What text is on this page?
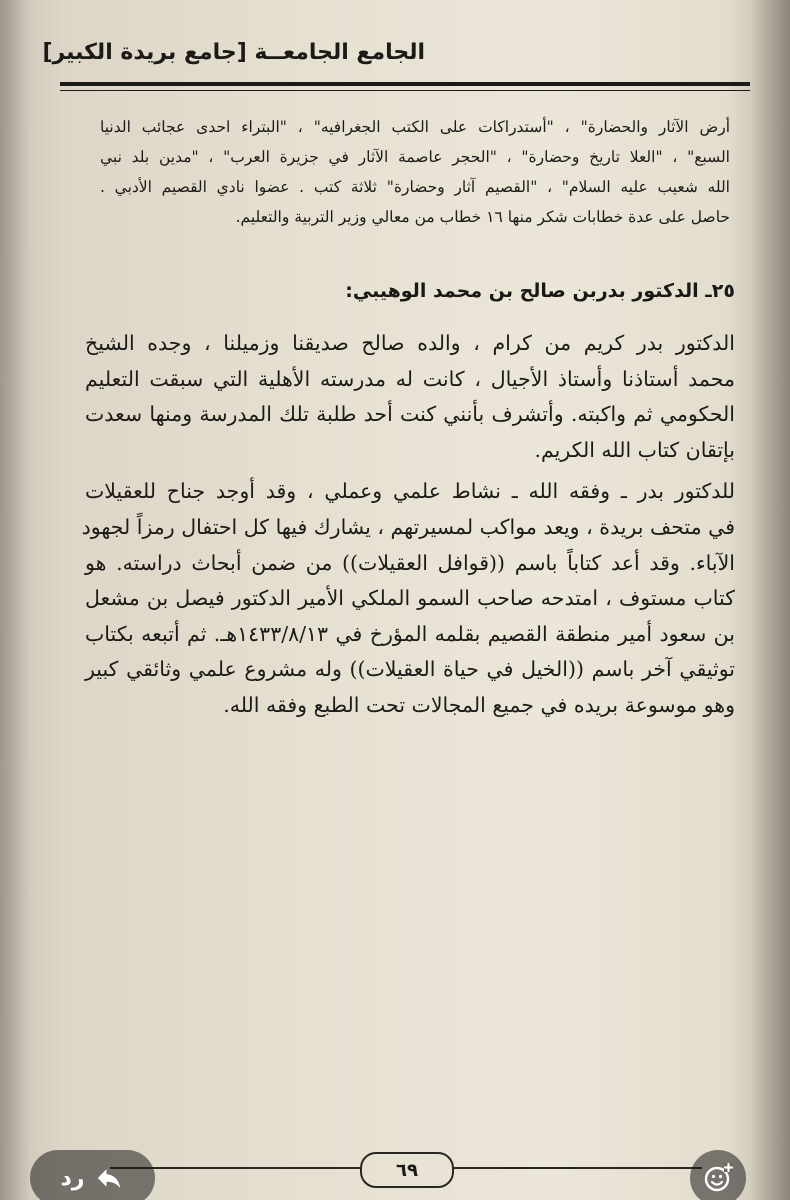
الجامع الجامعــة [جامع بريدة الكبير]
أرض الآثار والحضارة" ، "أستدراكات على الكتب الجغرافيه" ، "البتراء احدى عجائب الدنيا
السبع" ، "العلا تاريخ وحضارة" ، "الحجر عاصمة الآثار في جزيرة العرب" ، "مدين بلد نبي
الله شعيب عليه السلام" ، "القصيم آثار وحضارة" ثلاثة كتب . عضوا نادي القصيم الأدبي .
حاصل على عدة خطابات شكر منها ١٦ خطاب من معالي وزير التربية والتعليم.
٢٥ـ الدكتور بدربن صالح بن محمد الوهيبي:
الدكتور بدر كريم من كرام ، والده صالح صديقنا وزميلنا ، وجده الشيخ
محمد أستاذنا وأستاذ الأجيال ، كانت له مدرسته الأهلية التي سبقت التعليم
الحكومي ثم واكبته. وأتشرف بأنني كنت أحد طلبة تلك المدرسة ومنها سعدت
بإتقان كتاب الله الكريم.
للدكتور بدر ـ وفقه الله ـ نشاط علمي وعملي ، وقد أوجد جناح للعقيلات
في متحف بريدة ، ويعد مواكب لمسيرتهم ، يشارك فيها كل احتفال رمزاً لجهود
الآباء. وقد أعد كتاباً باسم ((قوافل العقيلات)) من ضمن أبحاث دراسته. هو
كتاب مستوف ، امتدحه صاحب السمو الملكي الأمير الدكتور فيصل بن مشعل
بن سعود أمير منطقة القصيم بقلمه المؤرخ في ١٤٣٣/٨/١٣هـ. ثم أتبعه بكتاب
توثيقي آخر باسم ((الخيل في حياة العقيلات)) وله مشروع علمي وثائقي كبير
وهو موسوعة بريده في جميع المجالات تحت الطبع وفقه الله.
٦٩
رد
